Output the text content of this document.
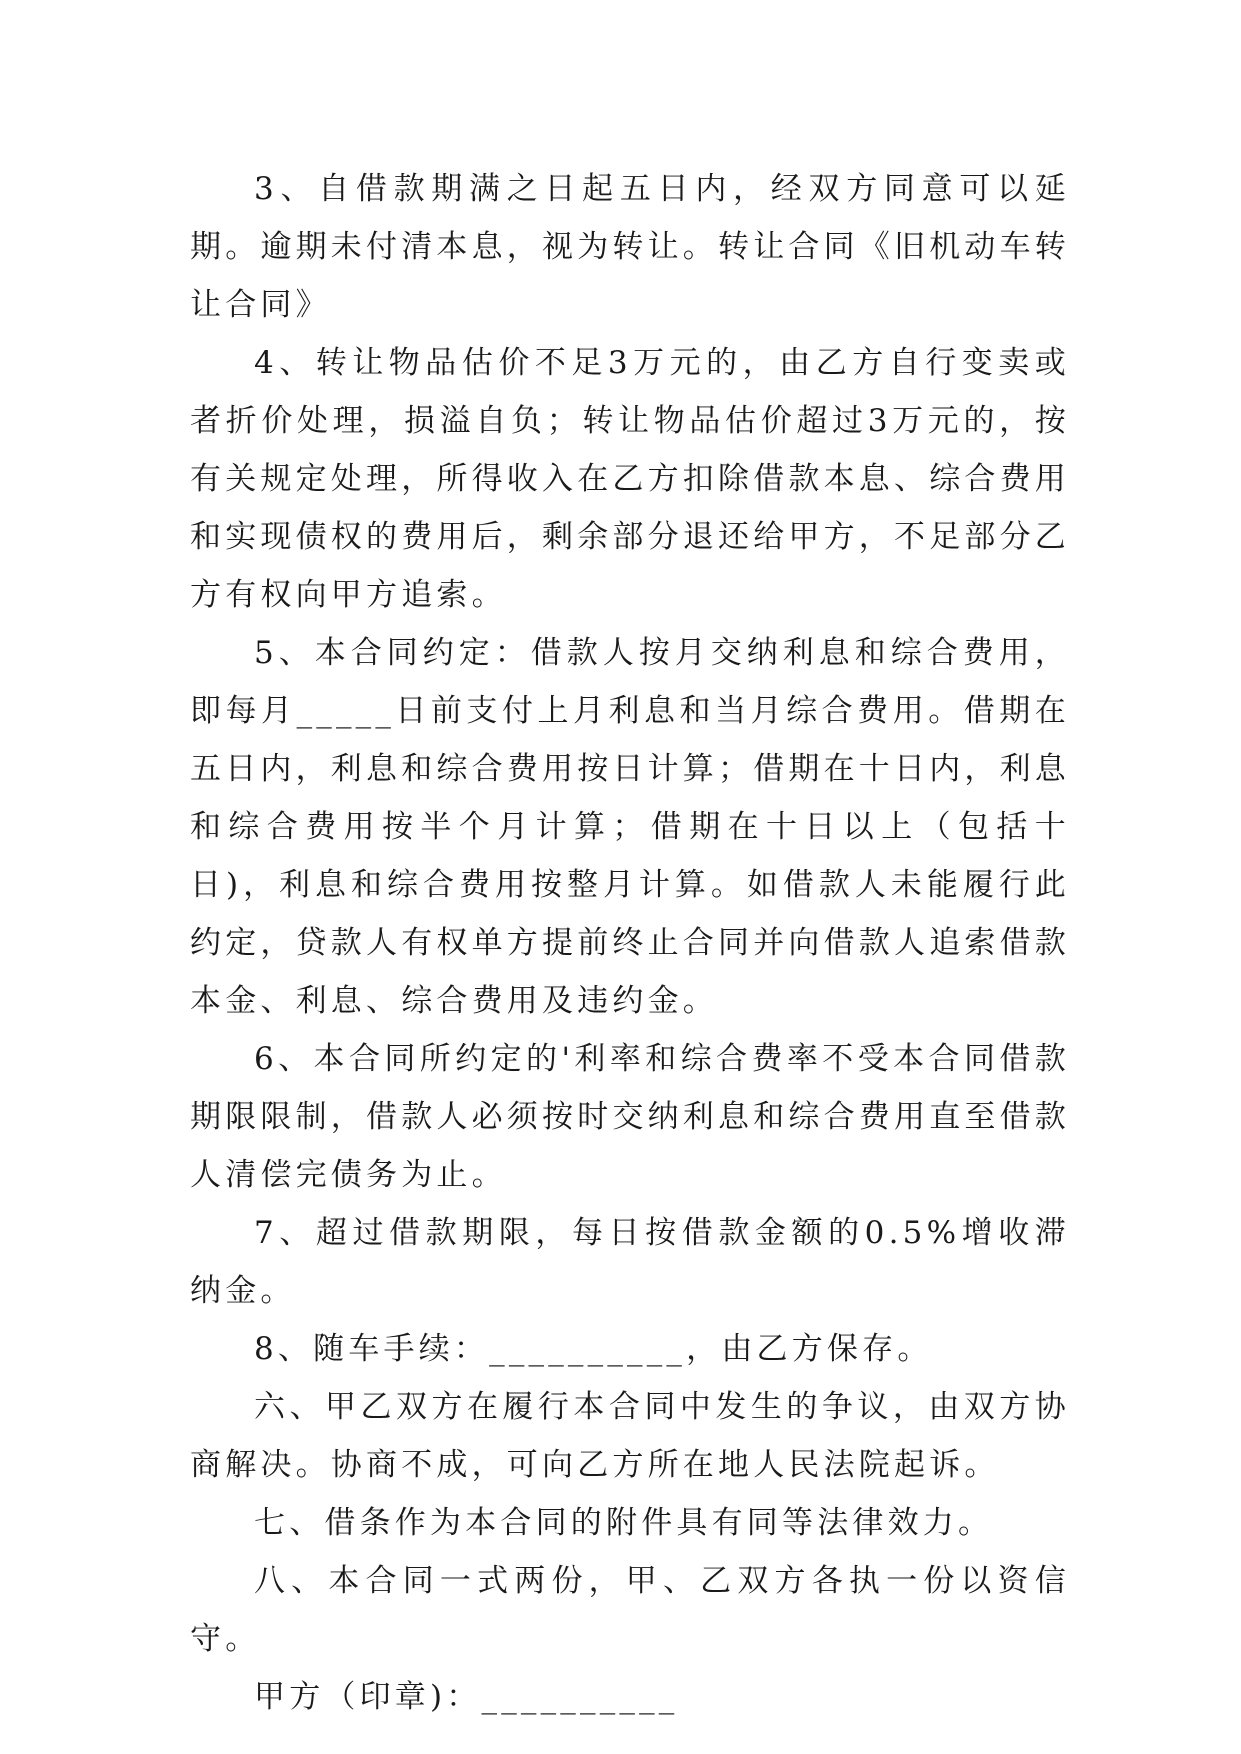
3、自借款期满之日起五日内，经双方同意可以延期。逾期未付清本息，视为转让。转让合同《旧机动车转让合同》

4、转让物品估价不足3万元的，由乙方自行变卖或者折价处理，损溢自负；转让物品估价超过3万元的，按有关规定处理，所得收入在乙方扣除借款本息、综合费用和实现债权的费用后，剩余部分退还给甲方，不足部分乙方有权向甲方追索。

5、本合同约定：借款人按月交纳利息和综合费用，即每月_____日前支付上月利息和当月综合费用。借期在五日内，利息和综合费用按日计算；借期在十日内，利息和综合费用按半个月计算；借期在十日以上（包括十日)，利息和综合费用按整月计算。如借款人未能履行此约定，贷款人有权单方提前终止合同并向借款人追索借款本金、利息、综合费用及违约金。

6、本合同所约定的'利率和综合费率不受本合同借款期限限制，借款人必须按时交纳利息和综合费用直至借款人清偿完债务为止。

7、超过借款期限，每日按借款金额的0.5%增收滞纳金。

8、随车手续：__________，由乙方保存。

六、甲乙双方在履行本合同中发生的争议，由双方协商解决。协商不成，可向乙方所在地人民法院起诉。

七、借条作为本合同的附件具有同等法律效力。

八、本合同一式两份，甲、乙双方各执一份以资信守。

甲方（印章)：__________
